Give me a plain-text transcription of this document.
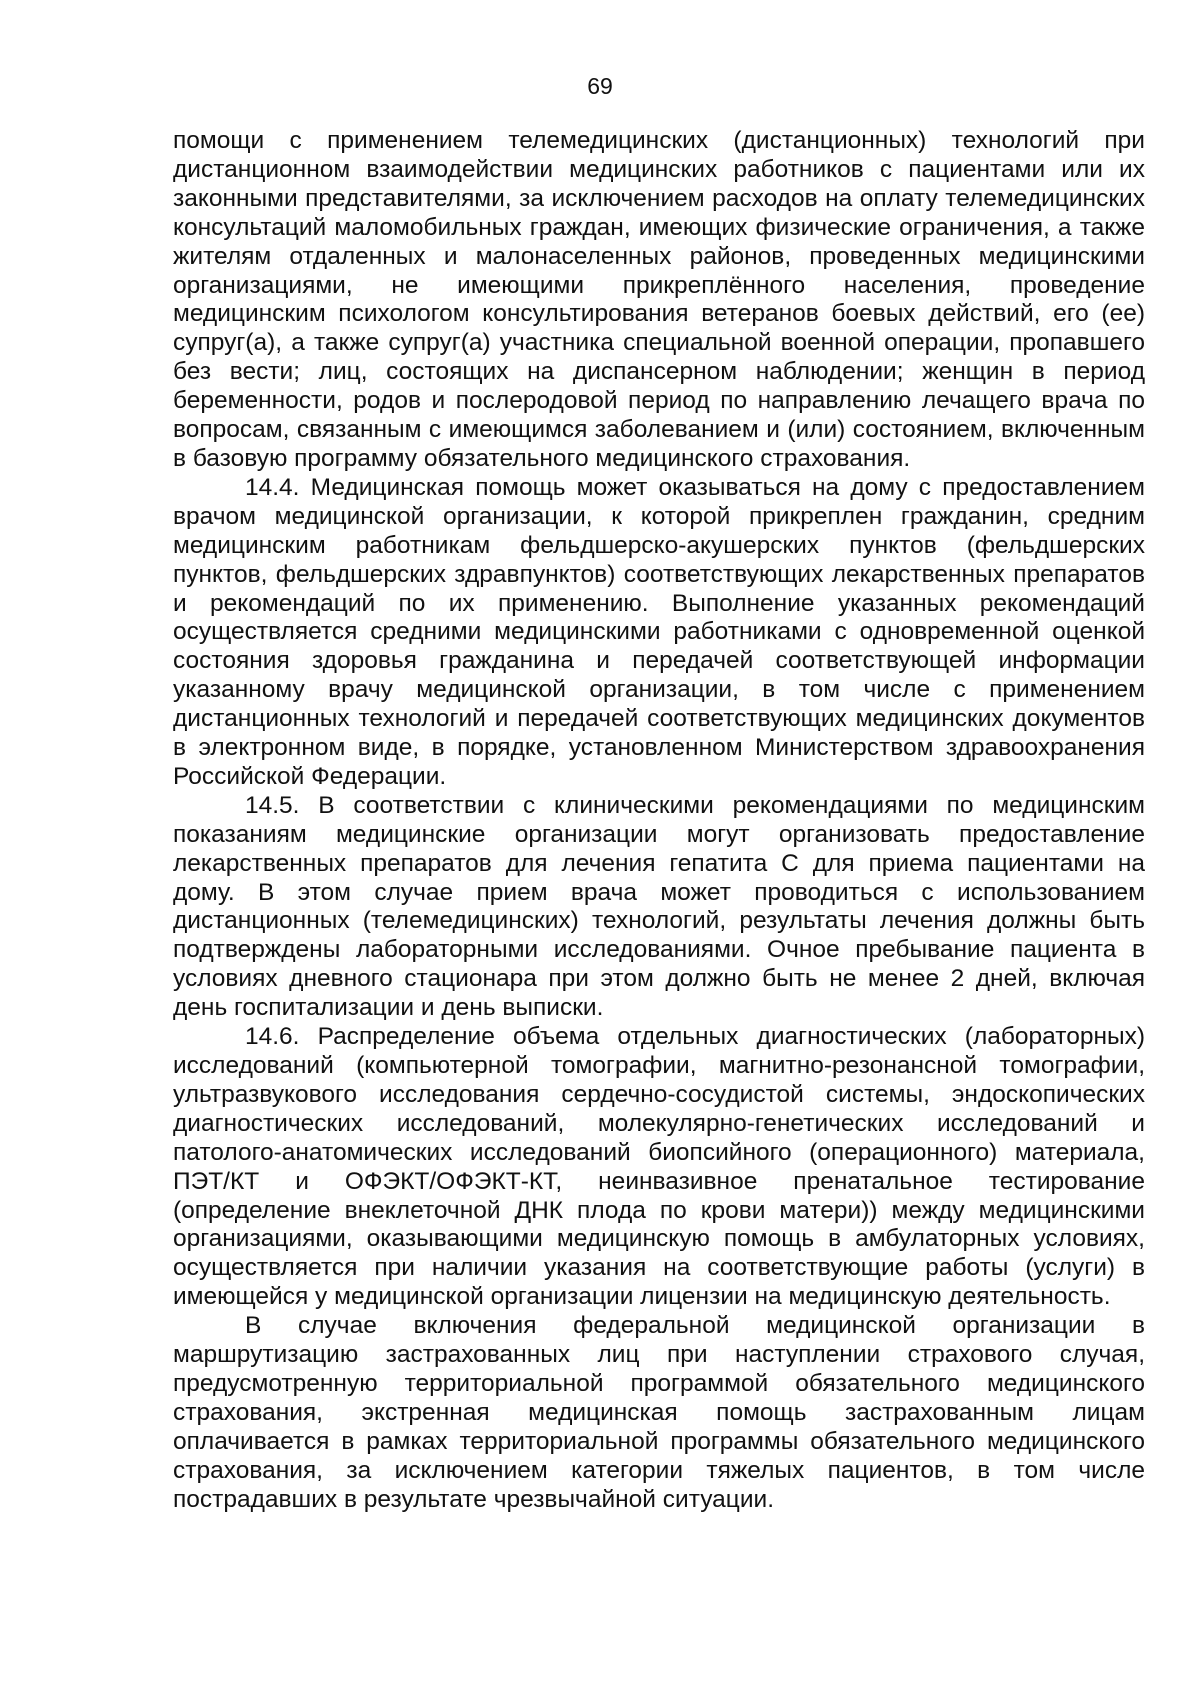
69

помощи с применением телемедицинских (дистанционных) технологий при дистанционном взаимодействии медицинских работников с пациентами или их законными представителями, за исключением расходов на оплату телемедицинских консультаций маломобильных граждан, имеющих физические ограничения, а также жителям отдаленных и малонаселенных районов, проведенных медицинскими организациями, не имеющими прикреплённого населения, проведение медицинским психологом консультирования ветеранов боевых действий, его (ее) супруг(а), а также супруг(а) участника специальной военной операции, пропавшего без вести; лиц, состоящих на диспансерном наблюдении; женщин в период беременности, родов и послеродовой период по направлению лечащего врача по вопросам, связанным с имеющимся заболеванием и (или) состоянием, включенным в базовую программу обязательного медицинского страхования.

14.4. Медицинская помощь может оказываться на дому с предоставлением врачом медицинской организации, к которой прикреплен гражданин, средним медицинским работникам фельдшерско-акушерских пунктов (фельдшерских пунктов, фельдшерских здравпунктов) соответствующих лекарственных препаратов и рекомендаций по их применению. Выполнение указанных рекомендаций осуществляется средними медицинскими работниками с одновременной оценкой состояния здоровья гражданина и передачей соответствующей информации указанному врачу медицинской организации, в том числе с применением дистанционных технологий и передачей соответствующих медицинских документов в электронном виде, в порядке, установленном Министерством здравоохранения Российской Федерации.

14.5. В соответствии с клиническими рекомендациями по медицинским показаниям медицинские организации могут организовать предоставление лекарственных препаратов для лечения гепатита С для приема пациентами на дому. В этом случае прием врача может проводиться с использованием дистанционных (телемедицинских) технологий, результаты лечения должны быть подтверждены лабораторными исследованиями. Очное пребывание пациента в условиях дневного стационара при этом должно быть не менее 2 дней, включая день госпитализации и день выписки.

14.6. Распределение объема отдельных диагностических (лабораторных) исследований (компьютерной томографии, магнитно-резонансной томографии, ультразвукового исследования сердечно-сосудистой системы, эндоскопических диагностических исследований, молекулярно-генетических исследований и патолого-анатомических исследований биопсийного (операционного) материала, ПЭТ/КТ и ОФЭКТ/ОФЭКТ-КТ, неинвазивное пренатальное тестирование (определение внеклеточной ДНК плода по крови матери)) между медицинскими организациями, оказывающими медицинскую помощь в амбулаторных условиях, осуществляется при наличии указания на соответствующие работы (услуги) в имеющейся у медицинской организации лицензии на медицинскую деятельность.

В случае включения федеральной медицинской организации в маршрутизацию застрахованных лиц при наступлении страхового случая, предусмотренную территориальной программой обязательного медицинского страхования, экстренная медицинская помощь застрахованным лицам оплачивается в рамках территориальной программы обязательного медицинского страхования, за исключением категории тяжелых пациентов, в том числе пострадавших в результате чрезвычайной ситуации.
